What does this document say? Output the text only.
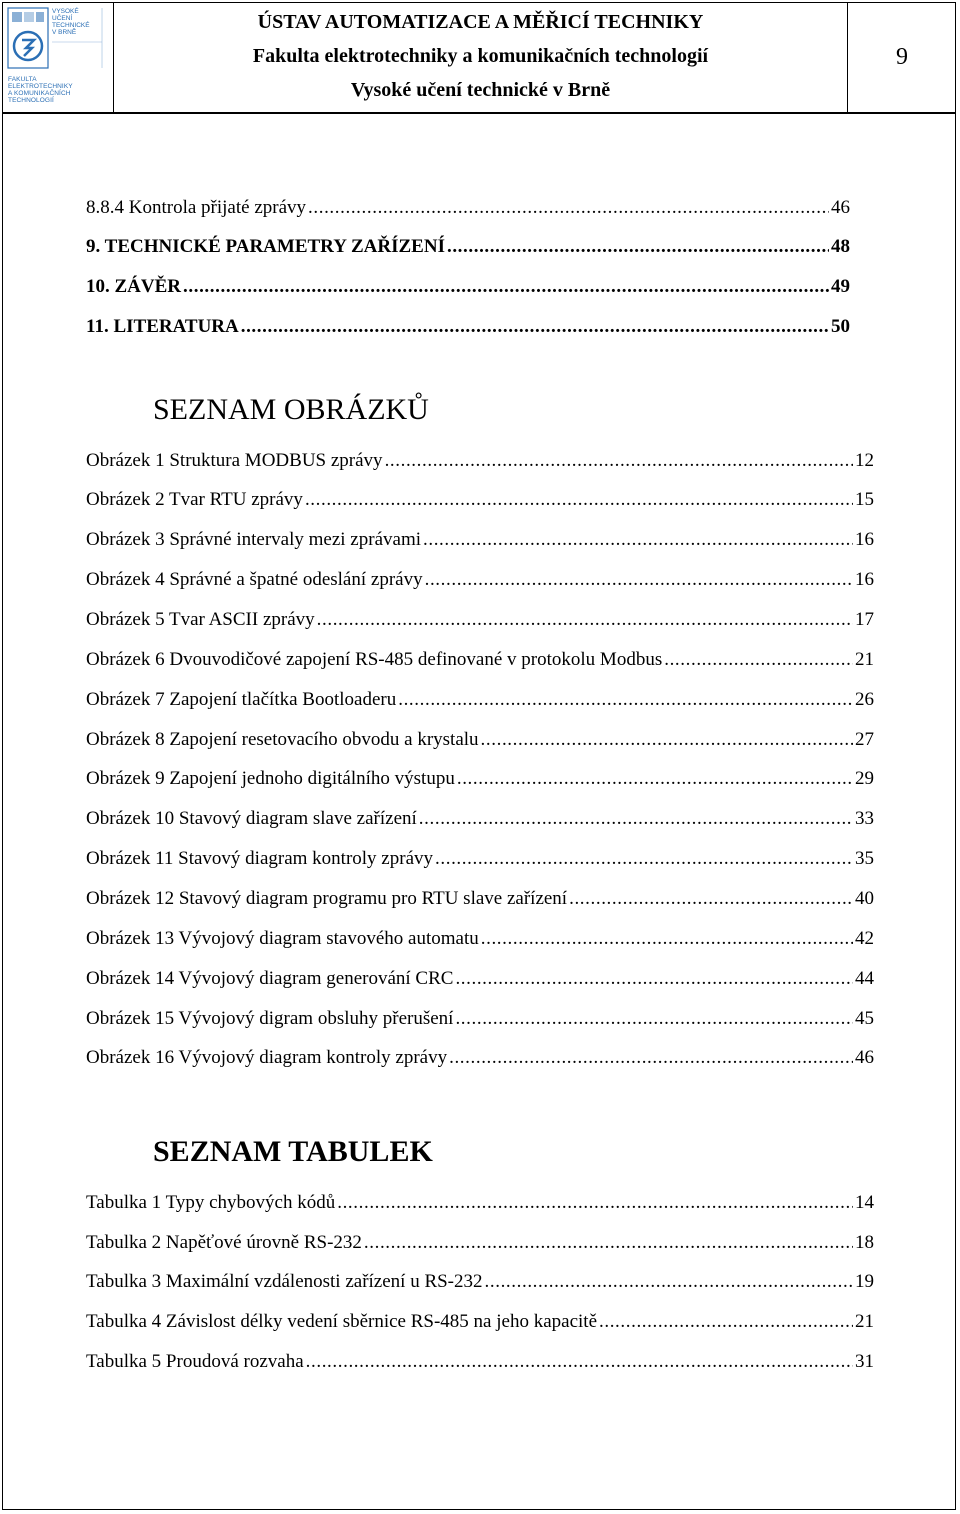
VYSOKÉ
UČENÍ
TECHNICKÉ
V BRNĚ
FAKULTA
ELEKTROTECHNIKY
A KOMUNIKAČNÍCH
TECHNOLOGIÍ
ÚSTAV AUTOMATIZACE A MĚŘICÍ TECHNIKY
Fakulta elektrotechniky a komunikačních technologií
Vysoké učení technické v Brně
9
8.8.4 Kontrola přijaté zprávy .....	46
9. TECHNICKÉ PARAMETRY ZAŘÍZENÍ .....	48
10. ZÁVĚR .....	49
11. LITERATURA .....	50
SEZNAM OBRÁZKŮ
Obrázek 1 Struktura MODBUS zprávy .....	12
Obrázek 2 Tvar RTU zprávy .....	15
Obrázek 3 Správné intervaly mezi zprávami .....	16
Obrázek 4 Správné a špatné odeslání zprávy .....	16
Obrázek 5 Tvar ASCII zprávy .....	17
Obrázek 6 Dvouvodičové zapojení RS-485 definované v protokolu Modbus .....	21
Obrázek 7 Zapojení tlačítka Bootloaderu .....	26
Obrázek 8 Zapojení resetovacího obvodu a krystalu .....	27
Obrázek 9 Zapojení jednoho digitálního výstupu .....	29
Obrázek 10 Stavový diagram slave zařízení .....	33
Obrázek 11 Stavový diagram kontroly zprávy .....	35
Obrázek 12 Stavový diagram programu pro RTU slave zařízení .....	40
Obrázek 13 Vývojový diagram stavového automatu .....	42
Obrázek 14 Vývojový diagram generování CRC .....	44
Obrázek 15 Vývojový digram obsluhy přerušení .....	45
Obrázek 16 Vývojový diagram kontroly zprávy .....	46
SEZNAM TABULEK
Tabulka 1 Typy chybových kódů .....	14
Tabulka 2 Napěťové úrovně RS-232 .....	18
Tabulka 3 Maximální vzdálenosti zařízení u RS-232 .....	19
Tabulka 4 Závislost délky vedení sběrnice RS-485 na jeho kapacitě .....	21
Tabulka 5 Proudová rozvaha .....	31
